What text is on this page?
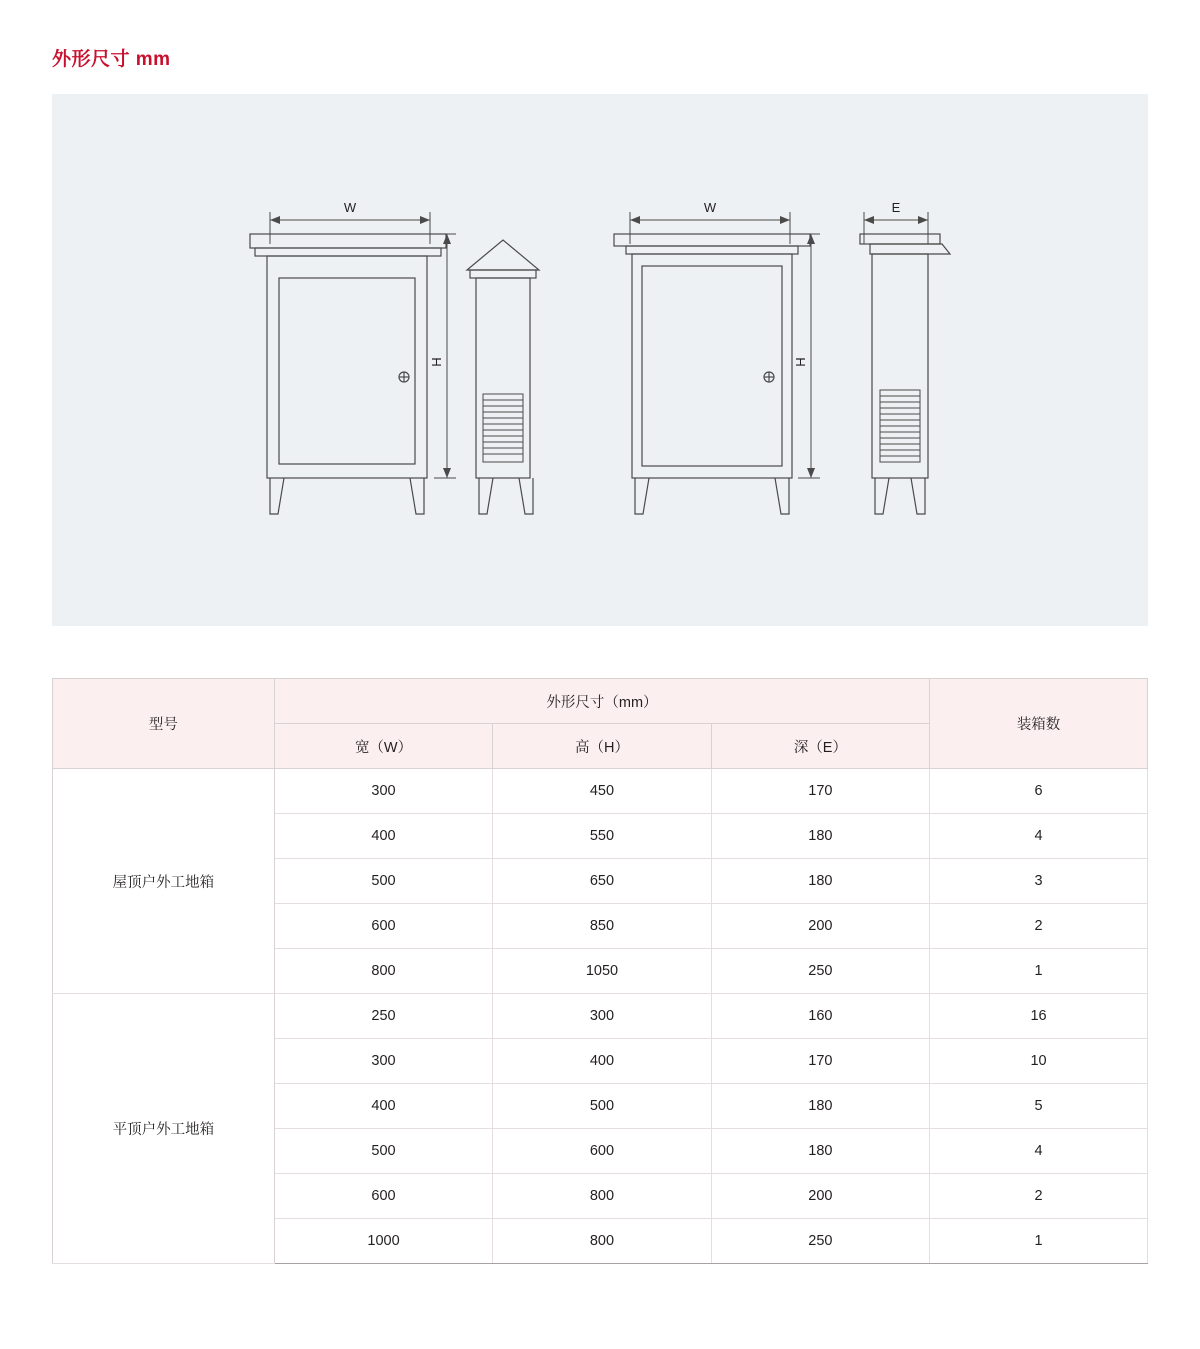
外形尺寸 mm
W
H
W
H
E
型号	外形尺寸（mm）			装箱数
	宽（W）	高（H）	深（E）	
屋顶户外工地箱	300	450	170	6
	400	550	180	4
	500	650	180	3
	600	850	200	2
	800	1050	250	1
平顶户外工地箱	250	300	160	16
	300	400	170	10
	400	500	180	5
	500	600	180	4
	600	800	200	2
	1000	800	250	1
